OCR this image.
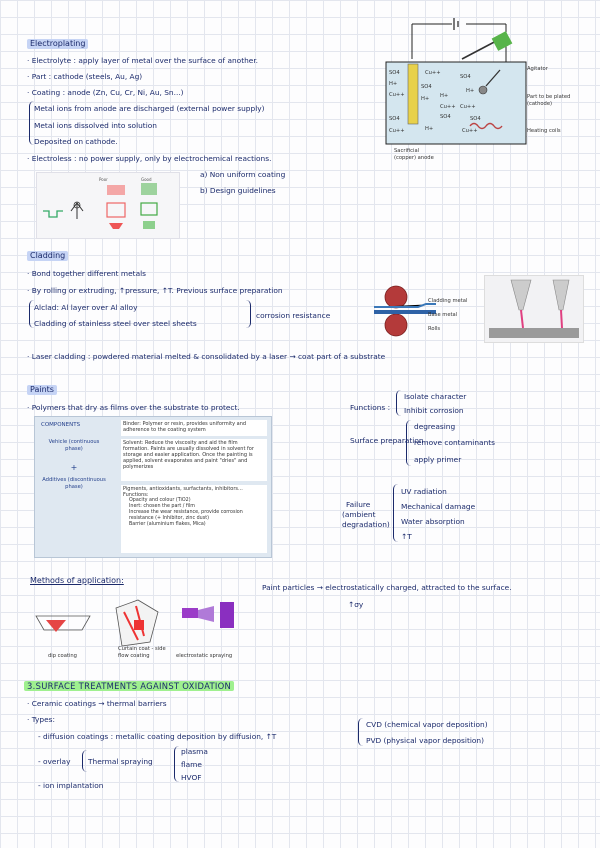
Electroplating
· Electrolyte : apply layer of metal over the surface of another.
· Part : cathode (steels, Au, Ag)
· Coating : anode (Zn, Cu, Cr, Ni, Au, Sn...)
Metal ions from anode are discharged (external power supply)
Metal ions dissolved into solution
Deposited on cathode.
· Electroless : no power supply, only by electrochemical reactions.
a) Non uniform coating
b) Design guidelines
Poor	Good
SO4
H+
Cu++
SO4
Cu++
Cu++
SO4
H+ H+
Cu++
SO4
H+
SO4
H+
Cu++
SO4
Cu++
Agitator
Part to be plated
(cathode)
Heating coils
Sacrificial
(copper) anode
Cladding
· Bond together different metals
· By rolling or extruding, ↑pressure, ↑T. Previous surface preparation
Alclad: Al layer over Al alloy
Cladding of stainless steel over steel sheets
corrosion resistance
· Laser cladding : powdered material melted & consolidated by a laser → coat part of a substrate
Cladding metal
Base metal
Rolls
Paints
· Polymers that dry as films over the substrate to protect.	Functions :
Isolate character
Inhibit corrosion
Surface preparation
degreasing
remove contaminants
apply primer
Failure
(ambient
degradation)
UV radiation
Mechanical damage
Water absorption
↑T
COMPONENTS
Vehicle (continuous phase)
+
Additives (discontinuous phase)
Binder: Polymer or resin, provides uniformity and adherence to the coating system
Solvent: Reduce the viscosity and aid the film formation. Paints are usually dissolved in solvent for storage and easier application. Once the painting is applied, solvent evaporates and paint "dries" and polymerizes
Pigments, antioxidants, surfactants, inhibitors...
Functions:
Opacity and colour (TiO2)
Inert: chosen the part / film
Increase the wear resistance, provide corrosion resistance (+ Inhibitor, zinc dust)
Barrier (aluminium flakes, Mica)
Methods of application:
Paint particles → electrostatically charged, attracted to the surface.
↑σy
dip coating
Curtain coat - side
flow coating	electrostatic spraying
3.SURFACE TREATMENTS AGAINST OXIDATION
· Ceramic coatings → thermal barriers
· Types:
- diffusion coatings : metallic coating deposition by diffusion, ↑T
CVD (chemical vapor deposition)
PVD (physical vapor deposition)
- overlay Thermal spraying
plasma
flame
HVOF
- ion implantation
